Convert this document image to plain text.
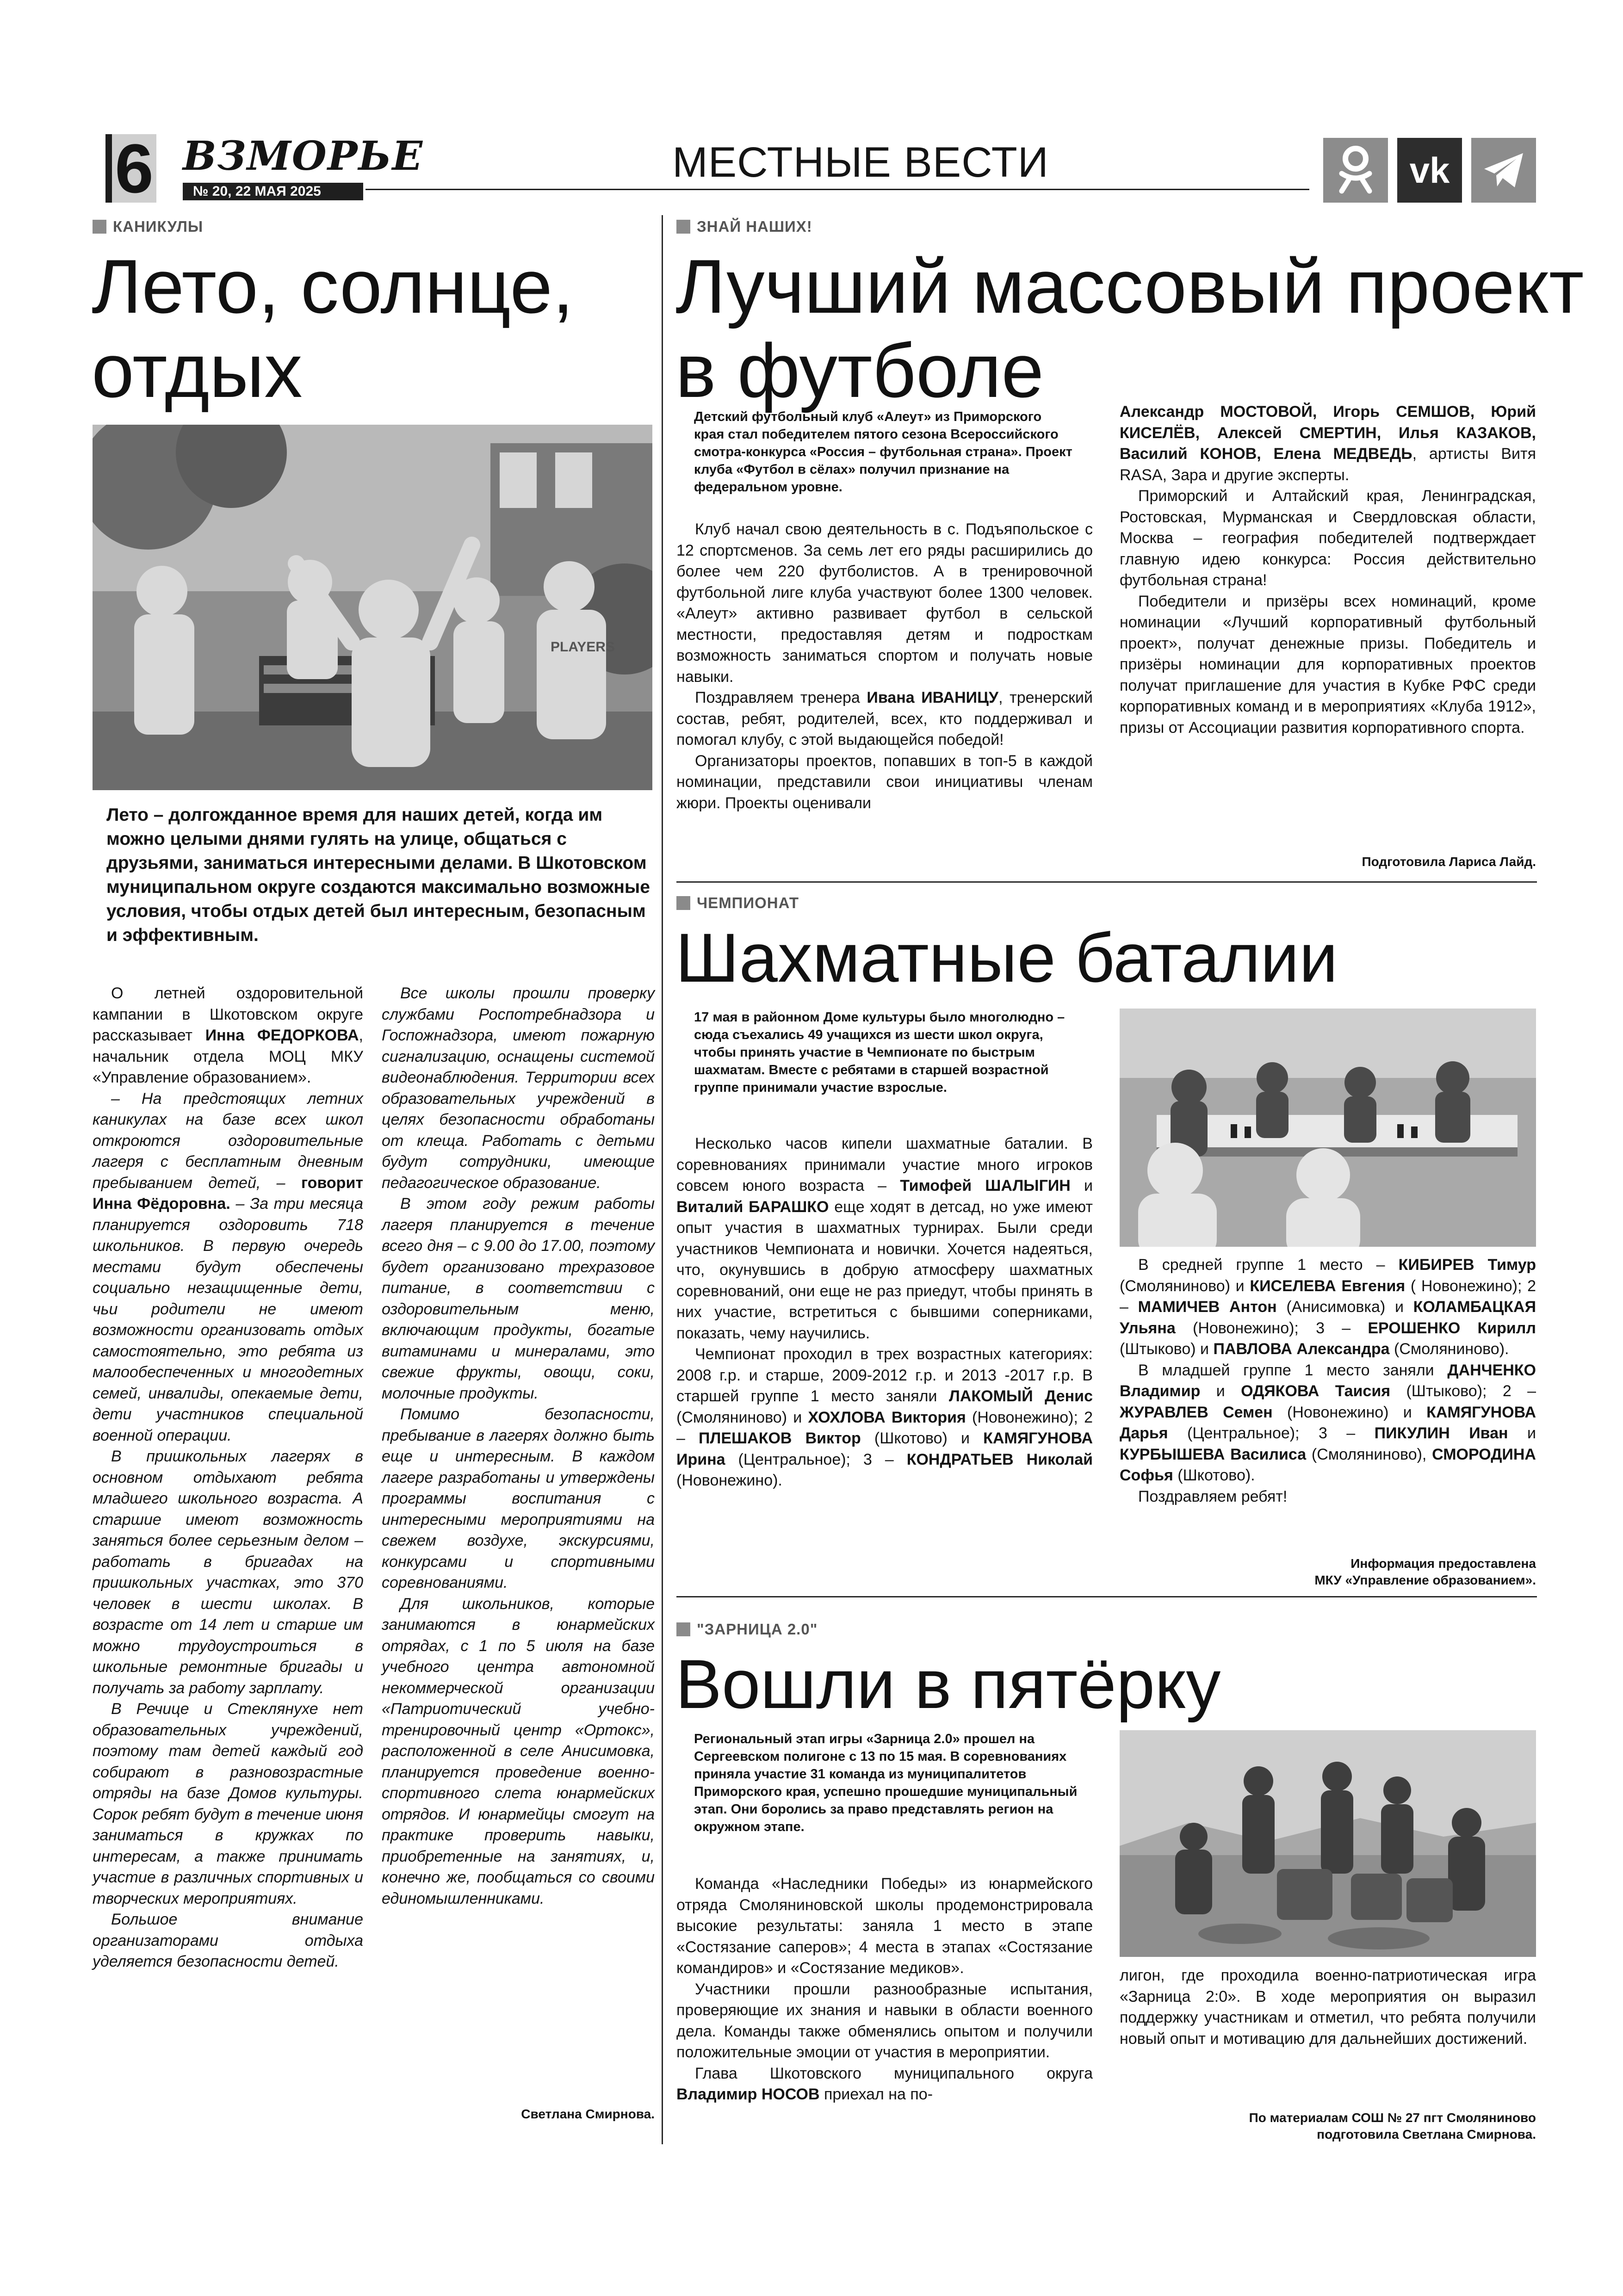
6 ВЗМОРЬЕ
№ 20, 22 МАЯ 2025
МЕСТНЫЕ ВЕСТИ	vk
КАНИКУЛЫ
Лето, солнце,
отдых
PLAYERS
Лето – долгожданное время для наших детей, когда им можно целыми днями гулять на улице, общаться с друзьями, заниматься интересными делами. В Шкотовском муниципальном округе создаются максимально возможные условия, чтобы отдых детей был интересным, безопасным и эффективным.

О летней оздоровительной кампании в Шкотовском округе рассказывает Инна ФЕДОРКОВА, начальник отдела МОЦ МКУ «Управление образованием».

– На предстоящих летних каникулах на базе всех школ откроются оздоровительные лагеря с бесплатным дневным пребыванием детей, – говорит Инна Фёдоровна. – За три месяца планируется оздоровить 718 школьников. В первую очередь местами будут обеспечены социально незащищенные дети, чьи родители не имеют возможности организовать отдых самостоятельно, это ребята из малообеспеченных и многодетных семей, инвалиды, опекаемые дети, дети участников специальной военной операции.

В пришкольных лагерях в основном отдыхают ребята младшего школьного возраста. А старшие имеют возможность заняться более серьезным делом – работать в бригадах на пришкольных участках, это 370 человек в шести школах. В возрасте от 14 лет и старше им можно трудоустроиться в школьные ремонтные бригады и получать за работу зарплату.

В Речице и Стеклянухе нет образовательных учреждений, поэтому там детей каждый год собирают в разновозрастные отряды на базе Домов культуры. Сорок ребят будут в течение июня заниматься в кружках по интересам, а также принимать участие в различных спортивных и творческих мероприятиях.

Большое внимание организаторами отдыха уделяется безопасности детей.

Все школы прошли проверку службами Роспотребнадзора и Госпожнадзора, имеют пожарную сигнализацию, оснащены системой видеонаблюдения. Территории всех образовательных учреждений в целях безопасности обработаны от клеща. Работать с детьми будут сотрудники, имеющие педагогическое образование.

В этом году режим работы лагеря планируется в течение всего дня – с 9.00 до 17.00, поэтому будет организовано трехразовое питание, в соответствии с оздоровительным меню, включающим продукты, богатые витаминами и минералами, это свежие фрукты, овощи, соки, молочные продукты.

Помимо безопасности, пребывание в лагерях должно быть еще и интересным. В каждом лагере разработаны и утверждены программы воспитания с интересными мероприятиями на свежем воздухе, экскурсиями, конкурсами и спортивными соревнованиями.

Для школьников, которые занимаются в юнармейских отрядах, с 1 по 5 июля на базе учебного центра автономной некоммерческой организации «Патриотический учебно-тренировочный центр «Ортокс», расположенной в селе Анисимовка, планируется проведение военно-спортивного слета юнармейских отрядов. И юнармейцы смогут на практике проверить навыки, приобретенные на занятиях, и, конечно же, пообщаться со своими единомышленниками.

Светлана Смирнова.
ЗНАЙ НАШИХ!
Лучший массовый проект
в футболе
Детский футбольный клуб «Алеут» из Приморского края стал победителем пятого сезона Всероссийского смотра-конкурса «Россия – футбольная страна». Проект клуба «Футбол в сёлах» получил признание на федеральном уровне.

Клуб начал свою деятельность в с. Подъяпольское с 12 спортсменов. За семь лет его ряды расширились до более чем 220 футболистов. А в тренировочной футбольной лиге клуба участвуют более 1300 человек. «Алеут» активно развивает футбол в сельской местности, предоставляя детям и подросткам возможность заниматься спортом и получать новые навыки.

Поздравляем тренера Ивана ИВАНИЦУ, тренерский состав, ребят, родителей, всех, кто поддерживал и помогал клубу, с этой выдающейся победой!

Организаторы проектов, попавших в топ-5 в каждой номинации, представили свои инициативы членам жюри. Проекты оценивали

Александр МОСТОВОЙ, Игорь СЕМШОВ, Юрий КИСЕЛЁВ, Алексей СМЕРТИН, Илья КАЗАКОВ, Василий КОНОВ, Елена МЕДВЕДЬ, артисты Витя RASA, Зара и другие эксперты.

Приморский и Алтайский края, Ленинградская, Ростовская, Мурманская и Свердловская области, Москва – география победителей подтверждает главную идею конкурса: Россия действительно футбольная страна!

Победители и призёры всех номинаций, кроме номинации «Лучший корпоративный футбольный проект», получат денежные призы. Победитель и призёры номинации для корпоративных проектов получат приглашение для участия в Кубке РФС среди корпоративных команд и в мероприятиях «Клуба 1912», призы от Ассоциации развития корпоративного спорта.

Подготовила Лариса Лайд.
ЧЕМПИОНАТ
Шахматные баталии
17 мая в районном Доме культуры было многолюдно – сюда съехались 49 учащихся из шести школ округа, чтобы принять участие в Чемпионате по быстрым шахматам. Вместе с ребятами в старшей возрастной группе принимали участие взрослые.

Несколько часов кипели шахматные баталии. В соревнованиях принимали участие много игроков совсем юного возраста – Тимофей ШАЛЫГИН и Виталий БАРАШКО еще ходят в детсад, но уже имеют опыт участия в шахматных турнирах. Были среди участников Чемпионата и новички. Хочется надеяться, что, окунувшись в добрую атмосферу шахматных соревнований, они еще не раз приедут, чтобы принять в них участие, встретиться с бывшими соперниками, показать, чему научились.

Чемпионат проходил в трех возрастных категориях: 2008 г.р. и старше, 2009-2012 г.р. и 2013 -2017 г.р. В старшей группе 1 место заняли ЛАКОМЫЙ Денис (Смоляниново) и ХОХЛОВА Виктория (Новонежино); 2 – ПЛЕШАКОВ Виктор (Шкотово) и КАМЯГУНОВА Ирина (Центральное); 3 – КОНДРАТЬЕВ Николай (Новонежино).

В средней группе 1 место – КИБИРЕВ Тимур (Смоляниново) и КИСЕЛЕВА Евгения ( Новонежино); 2 – МАМИЧЕВ Антон (Анисимовка) и КОЛАМБАЦКАЯ Ульяна (Новонежино); 3 – ЕРОШЕНКО Кирилл (Штыково) и ПАВЛОВА Александра (Смоляниново).

В младшей группе 1 место заняли ДАНЧЕНКО Владимир и ОДЯКОВА Таисия (Штыково); 2 – ЖУРАВЛЕВ Семен (Новонежино) и КАМЯГУНОВА Дарья (Центральное); 3 – ПИКУЛИН Иван и КУРБЫШЕВА Василиса (Смоляниново), СМОРОДИНА Софья (Шкотово).

Поздравляем ребят!

Информация предоставлена
МКУ «Управление образованием».
"ЗАРНИЦА 2.0"
Вошли в пятёрку
Региональный этап игры «Зарница 2.0» прошел на Сергеевском полигоне с 13 по 15 мая. В соревнованиях приняла участие 31 команда из муниципалитетов Приморского края, успешно прошедшие муниципальный этап. Они боролись за право представлять регион на окружном этапе.

Команда «Наследники Победы» из юнармейского отряда Смоляниновской школы продемонстрировала высокие результаты: заняла 1 место в этапе «Состязание саперов»; 4 места в этапах «Состязание командиров» и «Состязание медиков».

Участники прошли разнообразные испытания, проверяющие их знания и навыки в области военного дела. Команды также обменялись опытом и получили положительные эмоции от участия в мероприятии.

Глава Шкотовского муниципального округа Владимир НОСОВ приехал на по-

лигон, где проходила военно-патриотическая игра «Зарница 2:0». В ходе мероприятия он выразил поддержку участникам и отметил, что ребята получили новый опыт и мотивацию для дальнейших достижений.

По материалам СОШ № 27 пгт Смоляниново
подготовила Светлана Смирнова.
